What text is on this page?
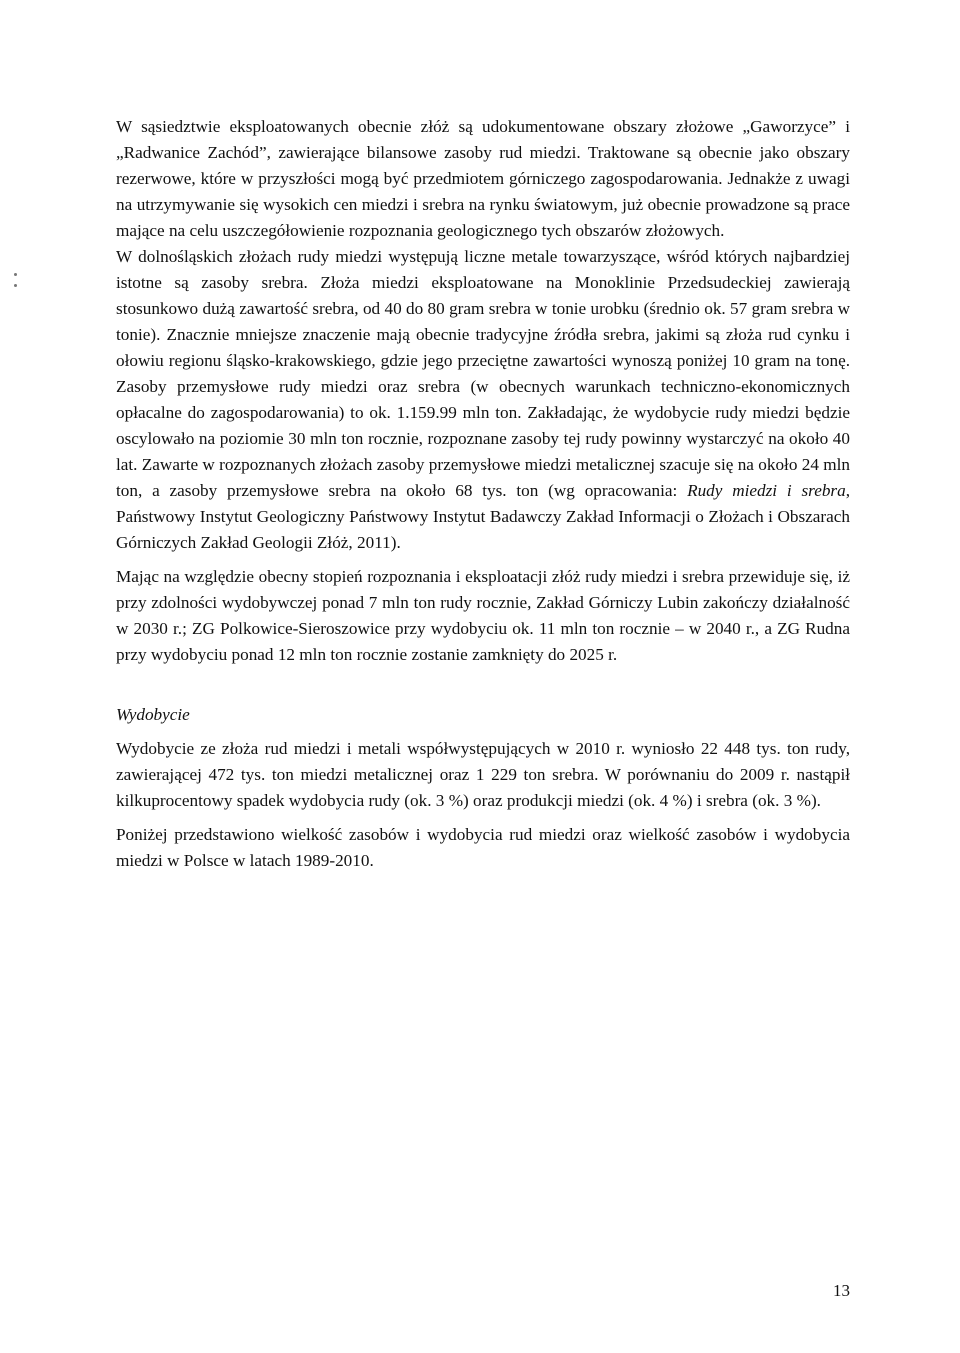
W sąsiedztwie eksploatowanych obecnie złóż są udokumentowane obszary złożowe „Gaworzyce” i „Radwanice Zachód”, zawierające bilansowe zasoby rud miedzi. Traktowane są obecnie jako obszary rezerwowe, które w przyszłości mogą być przedmiotem górniczego zagospodarowania. Jednakże z uwagi na utrzymywanie się wysokich cen miedzi i srebra na rynku światowym, już obecnie prowadzone są prace mające na celu uszczegółowienie rozpoznania geologicznego tych obszarów złożowych.

W dolnośląskich złożach rudy miedzi występują liczne metale towarzyszące, wśród których najbardziej istotne są zasoby srebra. Złoża miedzi eksploatowane na Monoklinie Przedsudeckiej zawierają stosunkowo dużą zawartość srebra, od 40 do 80 gram srebra w tonie urobku (średnio ok. 57 gram srebra w tonie). Znacznie mniejsze znaczenie mają obecnie tradycyjne źródła srebra, jakimi są złoża rud cynku i ołowiu regionu śląsko-krakowskiego, gdzie jego przeciętne zawartości wynoszą poniżej 10 gram na tonę. Zasoby przemysłowe rudy miedzi oraz srebra (w obecnych warunkach techniczno-ekonomicznych opłacalne do zagospodarowania) to ok. 1.159.99 mln ton. Zakładając, że wydobycie rudy miedzi będzie oscylowało na poziomie 30 mln ton rocznie, rozpoznane zasoby tej rudy powinny wystarczyć na około 40 lat. Zawarte w rozpoznanych złożach zasoby przemysłowe miedzi metalicznej szacuje się na około 24 mln ton, a zasoby przemysłowe srebra na około 68 tys. ton (wg opracowania: Rudy miedzi i srebra, Państwowy Instytut Geologiczny Państwowy Instytut Badawczy Zakład Informacji o Złożach i Obszarach Górniczych Zakład Geologii Złóż, 2011).

Mając na względzie obecny stopień rozpoznania i eksploatacji złóż rudy miedzi i srebra przewiduje się, iż przy zdolności wydobywczej ponad 7 mln ton rudy rocznie, Zakład Górniczy Lubin zakończy działalność w 2030 r.; ZG Polkowice-Sieroszowice przy wydobyciu ok. 11 mln ton rocznie – w 2040 r., a ZG Rudna przy wydobyciu ponad 12 mln ton rocznie zostanie zamknięty do 2025 r.

Wydobycie

Wydobycie ze złoża rud miedzi i metali współwystępujących w 2010 r. wyniosło 22 448 tys. ton rudy, zawierającej 472 tys. ton miedzi metalicznej oraz 1 229 ton srebra. W porównaniu do 2009 r. nastąpił kilkuprocentowy spadek wydobycia rudy (ok. 3 %) oraz produkcji miedzi (ok. 4 %) i srebra (ok. 3 %).

Poniżej przedstawiono wielkość zasobów i wydobycia rud miedzi oraz wielkość zasobów i wydobycia miedzi w Polsce w latach 1989-2010.

13
